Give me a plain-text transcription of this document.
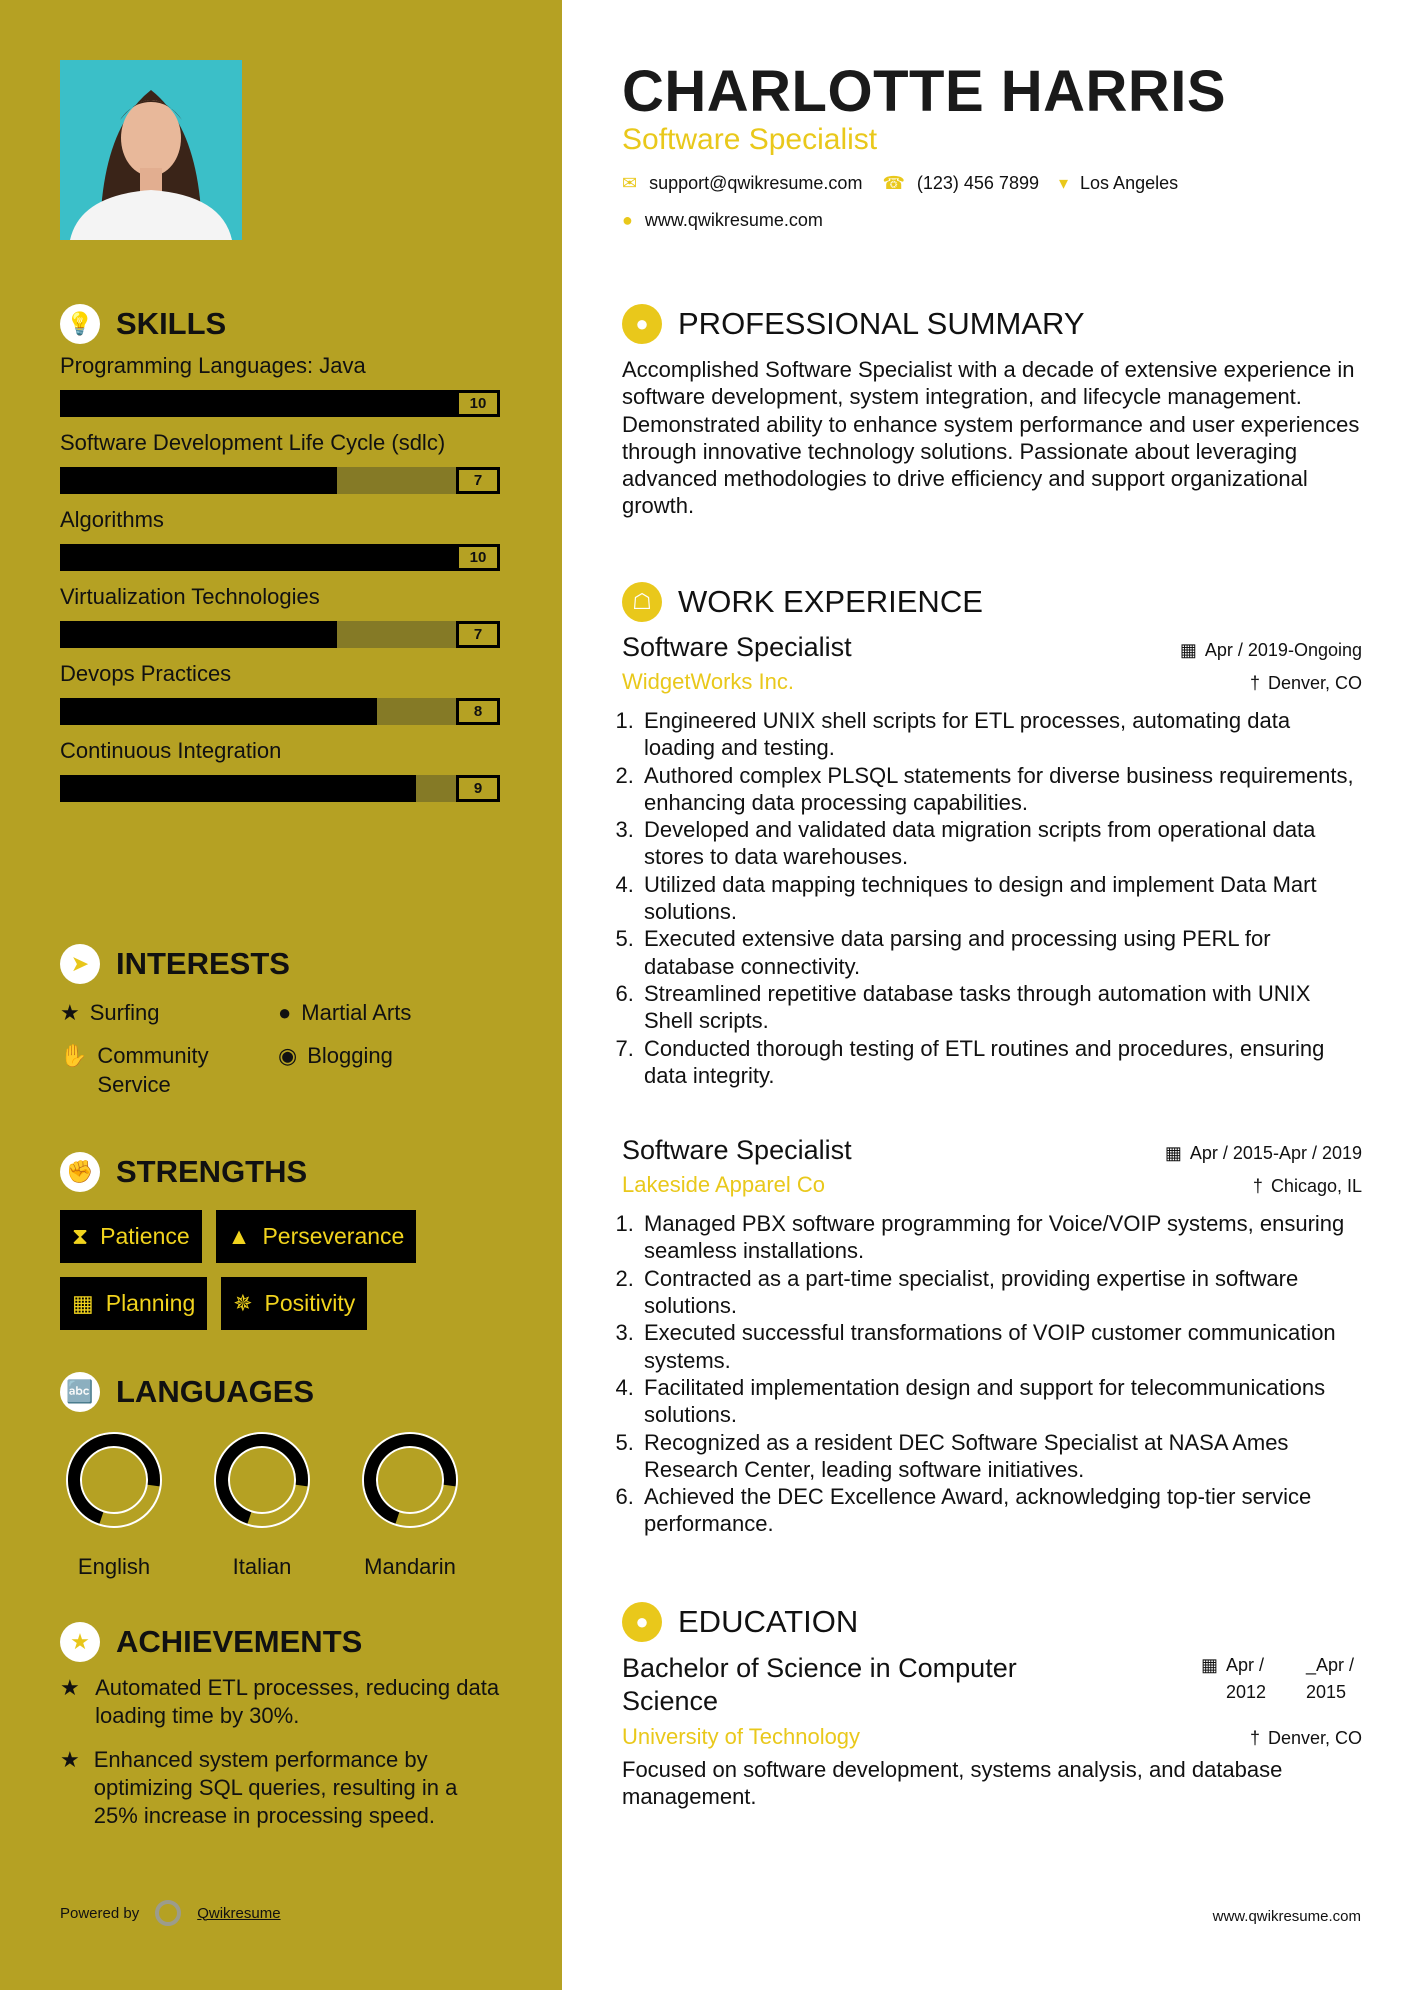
💡 SKILLS
Programming Languages: Java
10
Software Development Life Cycle (sdlc)
7
Algorithms
10
Virtualization Technologies
7
Devops Practices
8
Continuous Integration
9
➤ INTERESTS
★ Surfing	● Martial Arts
✋ Community Service
◉ Blogging
✊ STRENGTHS
⧗ Patience ▲ Perseverance
▦ Planning ✵ Positivity
🔤 LANGUAGES
English	Italian	Mandarin
★ ACHIEVEMENTS
★ Automated ETL processes, reducing data loading time by 30%.
★ Enhanced system performance by optimizing SQL queries, resulting in a 25% increase in processing speed.
Powered by	Qwikresume
CHARLOTTE HARRIS
Software Specialist
✉ support@qwikresume.com ☎ (123) 456 7899 ▾ Los Angeles
● www.qwikresume.com
● PROFESSIONAL SUMMARY
Accomplished Software Specialist with a decade of extensive experience in software development, system integration, and lifecycle management. Demonstrated ability to enhance system performance and user experiences through innovative technology solutions. Passionate about leveraging advanced methodologies to drive efficiency and support organizational growth.
☖ WORK EXPERIENCE
Software Specialist	▦ Apr / 2019-Ongoing
WidgetWorks Inc.	† Denver, CO
1. Engineered UNIX shell scripts for ETL processes, automating data loading and testing.
2. Authored complex PLSQL statements for diverse business requirements, enhancing data processing capabilities.
3. Developed and validated data migration scripts from operational data stores to data warehouses.
4. Utilized data mapping techniques to design and implement Data Mart solutions.
5. Executed extensive data parsing and processing using PERL for database connectivity.
6. Streamlined repetitive database tasks through automation with UNIX Shell scripts.
7. Conducted thorough testing of ETL routines and procedures, ensuring data integrity.
Software Specialist	▦ Apr / 2015-Apr / 2019
Lakeside Apparel Co	† Chicago, IL
1. Managed PBX software programming for Voice/VOIP systems, ensuring seamless installations.
2. Contracted as a part-time specialist, providing expertise in software solutions.
3. Executed successful transformations of VOIP customer communication systems.
4. Facilitated implementation design and support for telecommunications solutions.
5. Recognized as a resident DEC Software Specialist at NASA Ames Research Center, leading software initiatives.
6. Achieved the DEC Excellence Award, acknowledging top-tier service performance.
● EDUCATION
Bachelor of Science in Computer Science
▦ Apr / 2012
_Apr / 2015
University of Technology	† Denver, CO
Focused on software development, systems analysis, and database management.
www.qwikresume.com
